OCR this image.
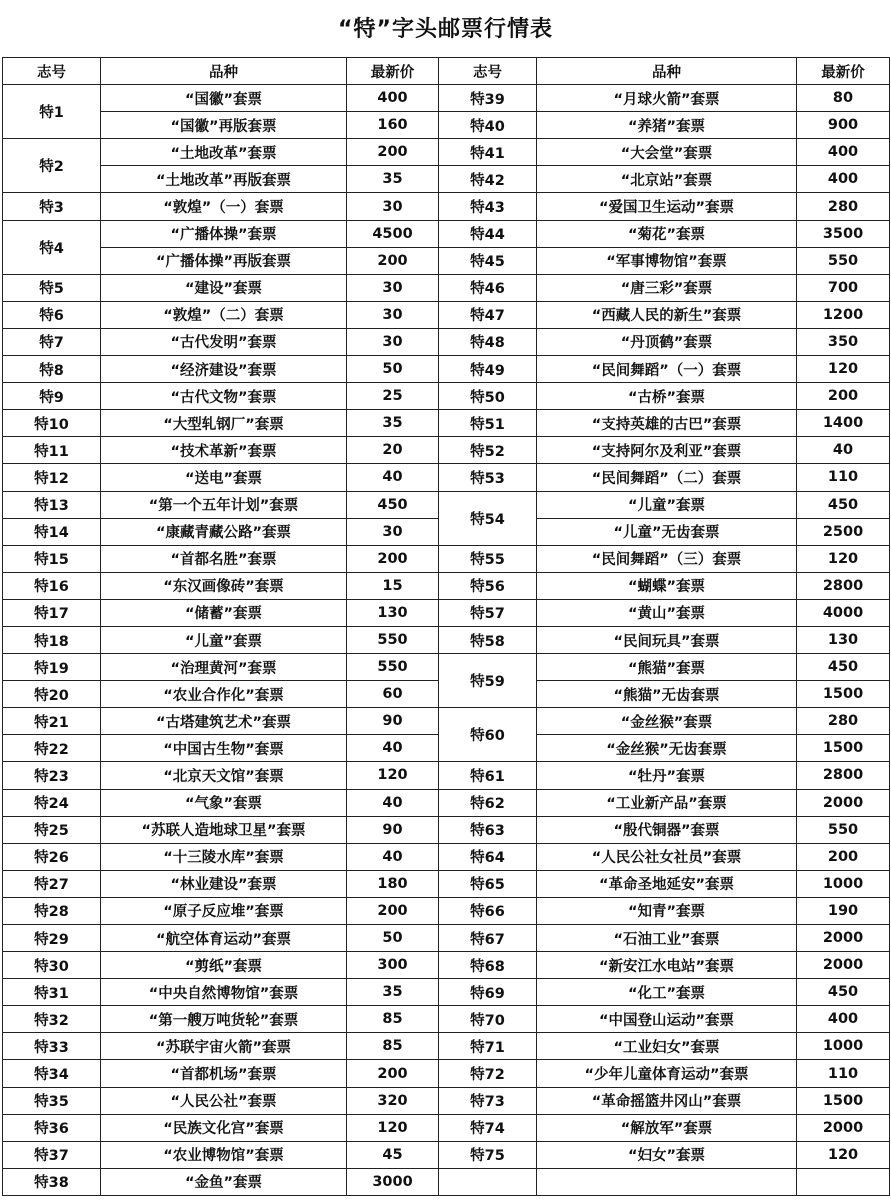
“特”字头邮票行情表
志号	品种	最新价	志号	品种	最新价
特1	“国徽”套票	400	特39	“月球火箭”套票	80
	“国徽”再版套票	160	特40	“养猪”套票	900
特2	“土地改革”套票	200	特41	“大会堂”套票	400
	“土地改革”再版套票	35	特42	“北京站”套票	400
特3	“敦煌”（一）套票	30	特43	“爱国卫生运动”套票	280
特4	“广播体操”套票	4500	特44	“菊花”套票	3500
	“广播体操”再版套票	200	特45	“军事博物馆”套票	550
特5	“建设”套票	30	特46	“唐三彩”套票	700
特6	“敦煌”（二）套票	30	特47	“西藏人民的新生”套票	1200
特7	“古代发明”套票	30	特48	“丹顶鹤”套票	350
特8	“经济建设”套票	50	特49	“民间舞蹈”（一）套票	120
特9	“古代文物”套票	25	特50	“古桥”套票	200
特10	“大型轧钢厂”套票	35	特51	“支持英雄的古巴”套票	1400
特11	“技术革新”套票	20	特52	“支持阿尔及利亚”套票	40
特12	“送电”套票	40	特53	“民间舞蹈”（二）套票	110
特13	“第一个五年计划”套票	450	特54	“儿童”套票	450
特14	“康藏青藏公路”套票	30		“儿童”无齿套票	2500
特15	“首都名胜”套票	200	特55	“民间舞蹈”（三）套票	120
特16	“东汉画像砖”套票	15	特56	“蝴蝶”套票	2800
特17	“储蓄”套票	130	特57	“黄山”套票	4000
特18	“儿童”套票	550	特58	“民间玩具”套票	130
特19	“治理黄河”套票	550	特59	“熊猫”套票	450
特20	“农业合作化”套票	60		“熊猫”无齿套票	1500
特21	“古塔建筑艺术”套票	90	特60	“金丝猴”套票	280
特22	“中国古生物”套票	40		“金丝猴”无齿套票	1500
特23	“北京天文馆”套票	120	特61	“牡丹”套票	2800
特24	“气象”套票	40	特62	“工业新产品”套票	2000
特25	“苏联人造地球卫星”套票	90	特63	“殷代铜器”套票	550
特26	“十三陵水库”套票	40	特64	“人民公社女社员”套票	200
特27	“林业建设”套票	180	特65	“革命圣地延安”套票	1000
特28	“原子反应堆”套票	200	特66	“知青”套票	190
特29	“航空体育运动”套票	50	特67	“石油工业”套票	2000
特30	“剪纸”套票	300	特68	“新安江水电站”套票	2000
特31	“中央自然博物馆”套票	35	特69	“化工”套票	450
特32	“第一艘万吨货轮”套票	85	特70	“中国登山运动”套票	400
特33	“苏联宇宙火箭”套票	85	特71	“工业妇女”套票	1000
特34	“首都机场”套票	200	特72	“少年儿童体育运动”套票	110
特35	“人民公社”套票	320	特73	“革命摇篮井冈山”套票	1500
特36	“民族文化宫”套票	120	特74	“解放军”套票	2000
特37	“农业博物馆”套票	45	特75	“妇女”套票	120
特38	“金鱼”套票	3000			
